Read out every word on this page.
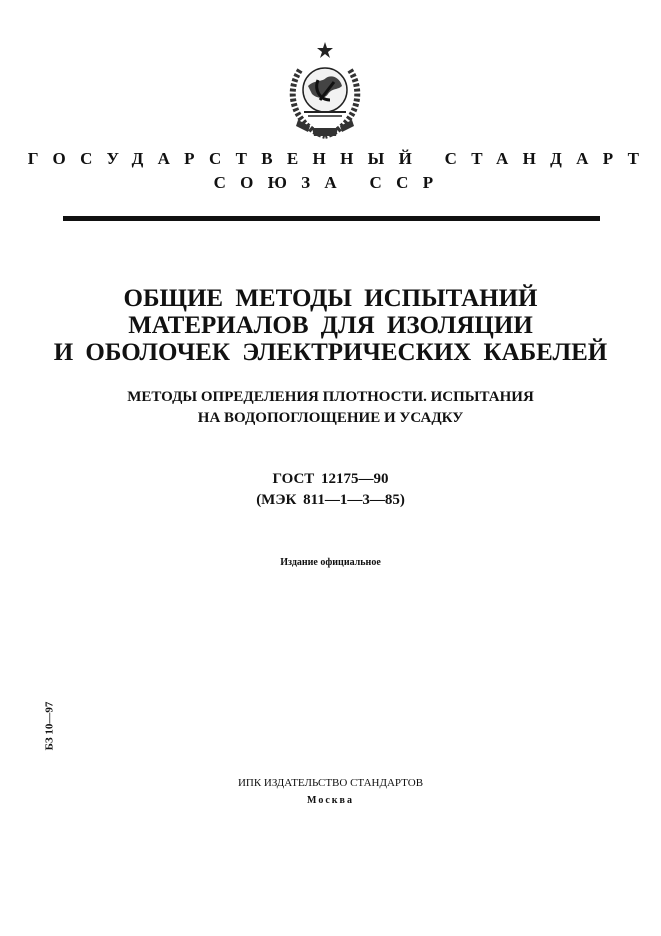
ГОСУДАРСТВЕННЫЙ СТАНДАРТ
СОЮЗА ССР
ОБЩИЕ МЕТОДЫ ИСПЫТАНИЙ
МАТЕРИАЛОВ ДЛЯ ИЗОЛЯЦИИ
И ОБОЛОЧЕК ЭЛЕКТРИЧЕСКИХ КАБЕЛЕЙ
МЕТОДЫ ОПРЕДЕЛЕНИЯ ПЛОТНОСТИ. ИСПЫТАНИЯ
НА ВОДОПОГЛОЩЕНИЕ И УСАДКУ
ГОСТ 12175—90
(МЭК 811—1—3—85)
Издание официальное
БЗ 10—97
ИПК ИЗДАТЕЛЬСТВО СТАНДАРТОВ
Москва
